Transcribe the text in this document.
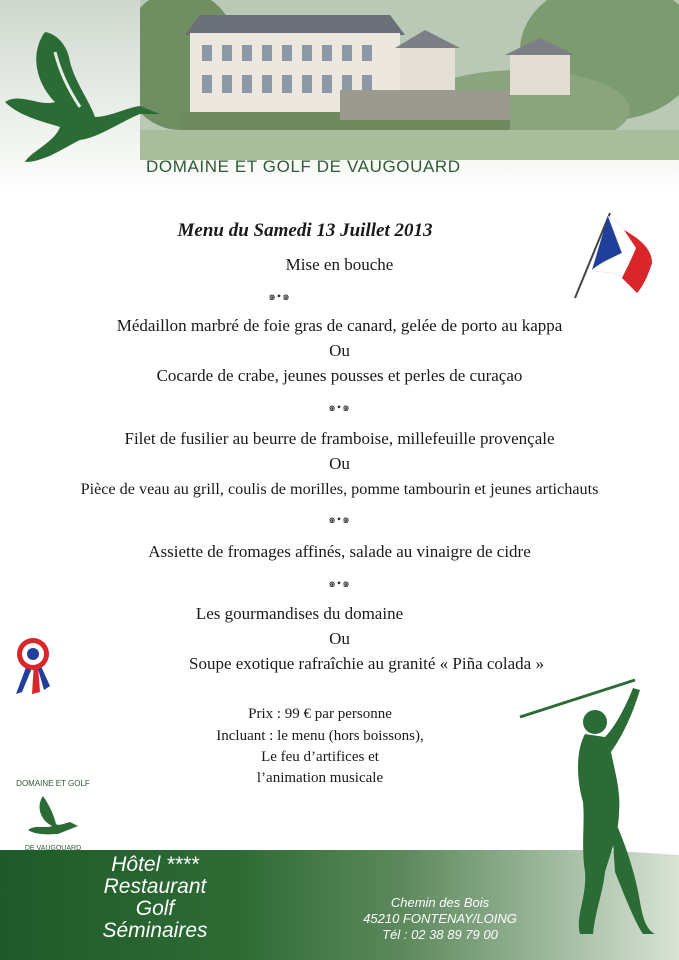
DOMAINE ET GOLF DE VAUGOUARD
Menu du Samedi 13 Juillet 2013
Mise en bouche
๑•๑
Médaillon marbré de foie gras de canard, gelée de porto au kappa
Ou
Cocarde de crabe, jeunes pousses et perles de curaçao
๑•๑
Filet de fusilier au beurre de framboise, millefeuille provençale
Ou
Pièce de veau au grill, coulis de morilles, pomme tambourin et jeunes artichauts
๑•๑
Assiette de fromages affinés, salade au vinaigre de cidre
๑•๑
Les gourmandises du domaine
Ou
Soupe exotique rafraîchie au granité « Piña colada »
Prix : 99 € par personne
Incluant : le menu (hors boissons),
Le feu d’artifices et
l’animation musicale
DOMAINE ET GOLF
DE VAUGOUARD
Hôtel ****
Restaurant
Golf
Séminaires
Chemin des Bois
45210 FONTENAY/LOING
Tél : 02 38 89 79 00
